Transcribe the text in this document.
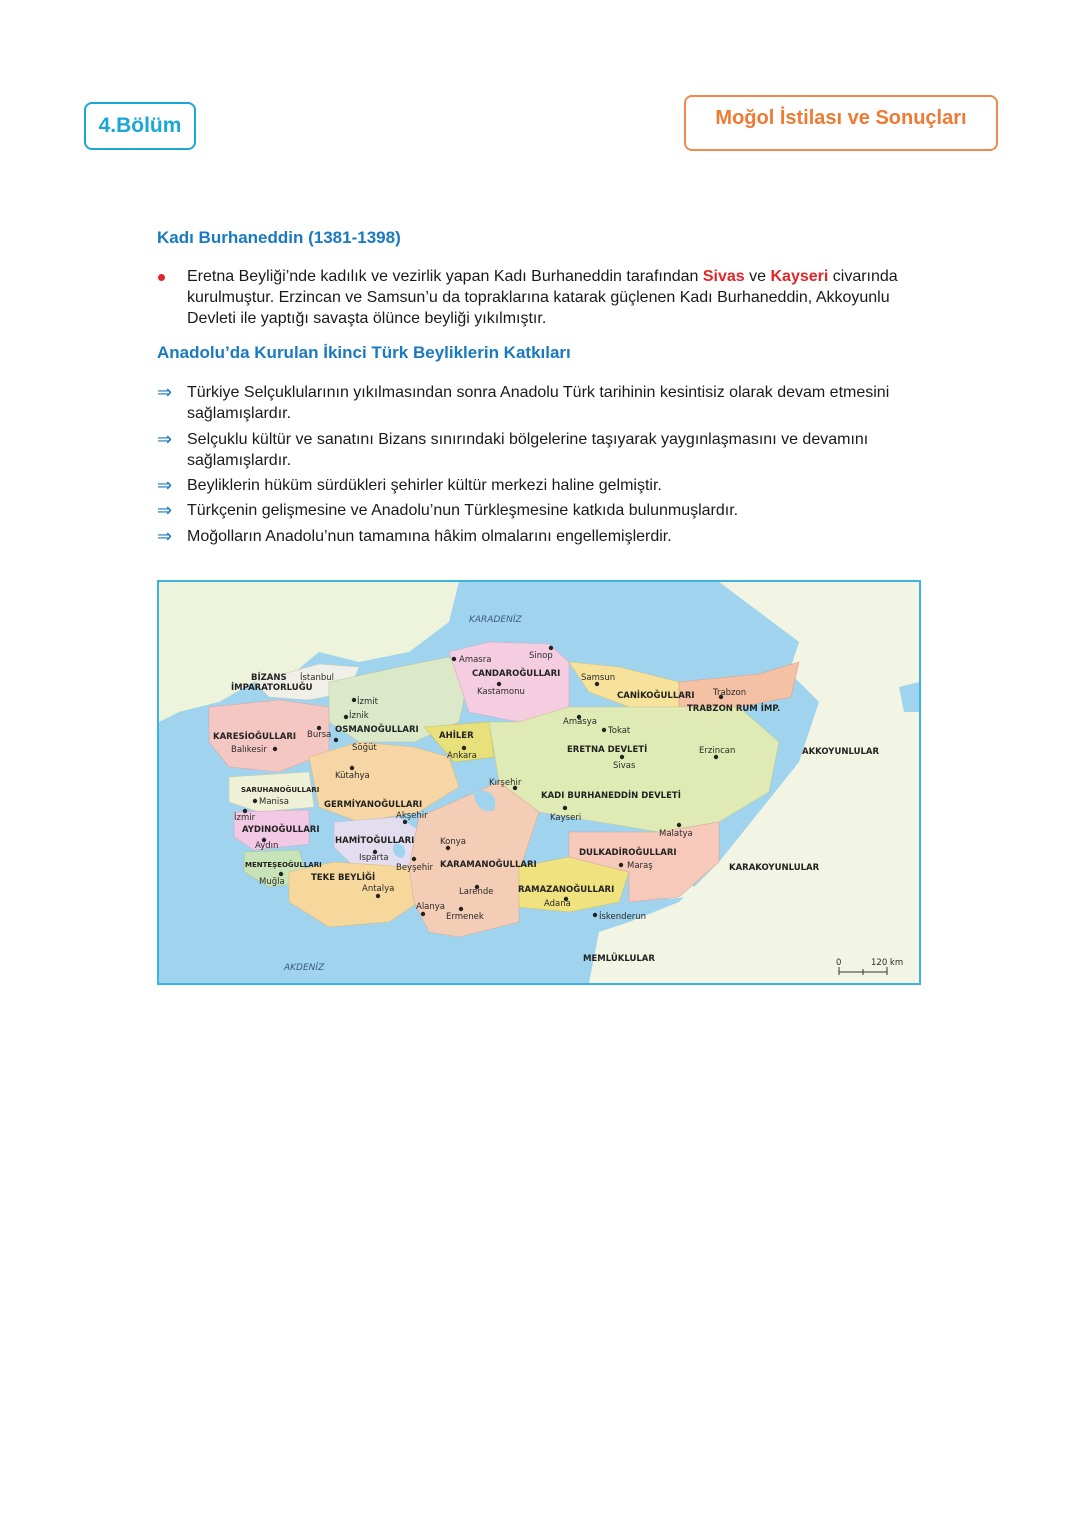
4.Bölüm	Moğol İstilası ve Sonuçları
Kadı Burhaneddin (1381-1398)
Eretna Beyliği’nde kadılık ve vezirlik yapan Kadı Burhaneddin tarafından Sivas ve Kayseri civarında kurulmuştur. Erzincan ve Samsun’u da topraklarına katarak güçlenen Kadı Burhaneddin, Akkoyunlu Devleti ile yaptığı savaşta ölünce beyliği yıkılmıştır.
Anadolu’da Kurulan İkinci Türk Beyliklerin Katkıları
⇒ Türkiye Selçuklularının yıkılmasından sonra Anadolu Türk tarihinin kesintisiz olarak devam etmesini sağlamışlardır.
⇒ Selçuklu kültür ve sanatını Bizans sınırındaki bölgelerine taşıyarak yaygınlaşmasını ve devamını sağlamışlardır.
⇒ Beyliklerin hüküm sürdükleri şehirler kültür merkezi haline gelmiştir.
⇒ Türkçenin gelişmesine ve Anadolu’nun Türkleşmesine katkıda bulunmuşlardır.
⇒ Moğolların Anadolu’nun tamamına hâkim olmalarını engellemişlerdir.
KARADENİZ
AKDENİZ
BİZANS
İMPARATORLUĞU
OSMANOĞULLARI
KARESİOĞULLARI
SARUHANOĞULLARI
AYDINOĞULLARI
MENTEŞEOĞULLARI
TEKE BEYLİĞİ
HAMİTOĞULLARI
GERMİYANOĞULLARI
AHİLER
CANDAROĞULLARI
CANİKOĞULLARI
TRABZON RUM İMP.
ERETNA DEVLETİ
KADI BURHANEDDİN DEVLETİ
KARAMANOĞULLARI
RAMAZANOĞULLARI
DULKADİROĞULLARI
AKKOYUNLULAR
KARAKOYUNLULAR
MEMLÜKLULAR
İstanbul
İzmit
İznik
Bursa
Söğüt
Balıkesir
Kütahya
Manisa
İzmir
Aydın
Muğla
Antalya
Isparta
Beyşehir
Akşehir
Ankara
Amasra	Sinop
Kastamonu
Samsun
Trabzon
Amasya
Tokat
Sivas
Erzincan
Kırşehir
Kayseri
Malatya
Maraş
Konya
Larende
Alanya
Ermenek
Adana
İskenderun
0	120 km
